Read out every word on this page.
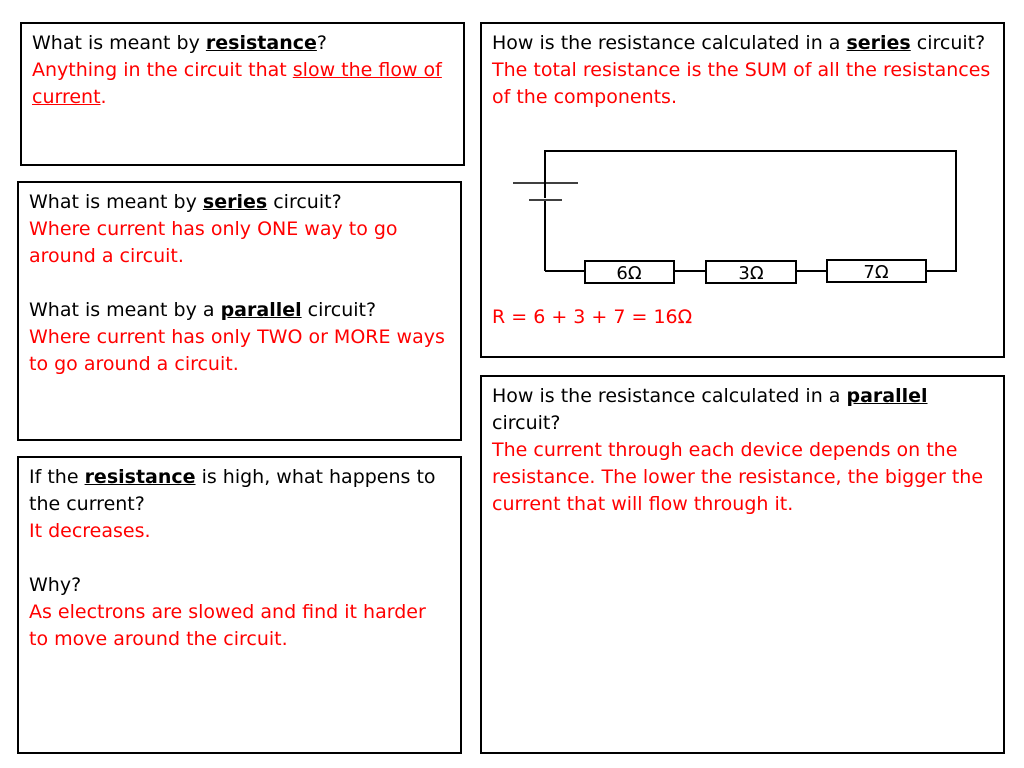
What is meant by resistance?

Anything in the circuit that slow the flow of current.

What is meant by series circuit?

Where current has only ONE way to go around a circuit.

What is meant by a parallel circuit?

Where current has only TWO or MORE ways to go around a circuit.

If the resistance is high, what happens to the current?

It decreases.

Why?

As electrons are slowed and find it harder to move around the circuit.

How is the resistance calculated in a series circuit?

The total resistance is the SUM of all the resistances of the components.

6Ω	3Ω	7Ω

R = 6 + 3 + 7 = 16Ω

How is the resistance calculated in a parallel circuit?

The current through each device depends on the resistance. The lower the resistance, the bigger the current that will flow through it.
